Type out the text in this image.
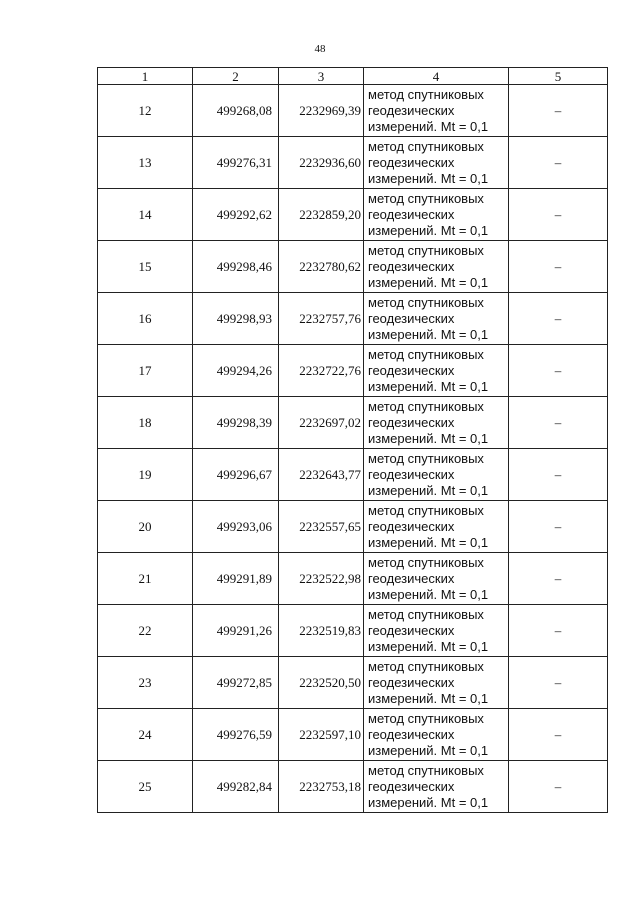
48
1	2	3	4	5
12	499268,08	2232969,39	метод спутниковых
геодезических
измерений. Mt = 0,1	–
13	499276,31	2232936,60	метод спутниковых
геодезических
измерений. Mt = 0,1	–
14	499292,62	2232859,20	метод спутниковых
геодезических
измерений. Mt = 0,1	–
15	499298,46	2232780,62	метод спутниковых
геодезических
измерений. Mt = 0,1	–
16	499298,93	2232757,76	метод спутниковых
геодезических
измерений. Mt = 0,1	–
17	499294,26	2232722,76	метод спутниковых
геодезических
измерений. Mt = 0,1	–
18	499298,39	2232697,02	метод спутниковых
геодезических
измерений. Mt = 0,1	–
19	499296,67	2232643,77	метод спутниковых
геодезических
измерений. Mt = 0,1	–
20	499293,06	2232557,65	метод спутниковых
геодезических
измерений. Mt = 0,1	–
21	499291,89	2232522,98	метод спутниковых
геодезических
измерений. Mt = 0,1	–
22	499291,26	2232519,83	метод спутниковых
геодезических
измерений. Mt = 0,1	–
23	499272,85	2232520,50	метод спутниковых
геодезических
измерений. Mt = 0,1	–
24	499276,59	2232597,10	метод спутниковых
геодезических
измерений. Mt = 0,1	–
25	499282,84	2232753,18	метод спутниковых
геодезических
измерений. Mt = 0,1	–
